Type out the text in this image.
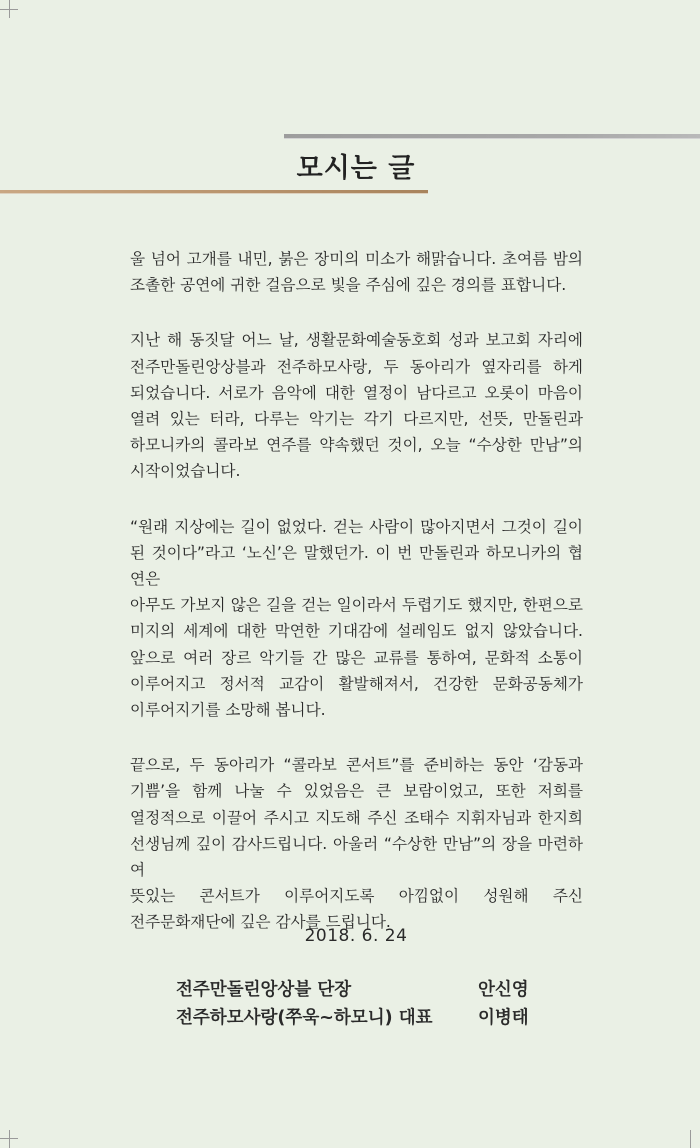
모시는 글

울 넘어 고개를 내민, 붉은 장미의 미소가 해맑습니다. 초여름 밤의
조촐한 공연에 귀한 걸음으로 빛을 주심에 깊은 경의를 표합니다.

지난 해 동짓달 어느 날, 생활문화예술동호회 성과 보고회 자리에
전주만돌린앙상블과 전주하모사랑, 두 동아리가 옆자리를 하게
되었습니다. 서로가 음악에 대한 열정이 남다르고 오롯이 마음이
열려 있는 터라, 다루는 악기는 각기 다르지만, 선뜻, 만돌린과
하모니카의 콜라보 연주를 약속했던 것이, 오늘 “수상한 만남”의
시작이었습니다.

“원래 지상에는 길이 없었다. 걷는 사람이 많아지면서 그것이 길이
된 것이다”라고 ‘노신’은 말했던가. 이 번 만돌린과 하모니카의 협연은
아무도 가보지 않은 길을 걷는 일이라서 두렵기도 했지만, 한편으로
미지의 세계에 대한 막연한 기대감에 설레임도 없지 않았습니다.
앞으로 여러 장르 악기들 간 많은 교류를 통하여, 문화적 소통이
이루어지고 정서적 교감이 활발해져서, 건강한 문화공동체가
이루어지기를 소망해 봅니다.

끝으로, 두 동아리가 “콜라보 콘서트”를 준비하는 동안 ‘감동과
기쁨’을 함께 나눌 수 있었음은 큰 보람이었고, 또한 저희를
열정적으로 이끌어 주시고 지도해 주신 조태수 지휘자님과 한지희
선생님께 깊이 감사드립니다. 아울러 “수상한 만남”의 장을 마련하여
뜻있는 콘서트가 이루어지도록 아낌없이 성원해 주신
전주문화재단에 깊은 감사를 드립니다.

2018. 6. 24
전주만돌린앙상블 단장	안신영
전주하모사랑(쭈욱~하모니) 대표	이병태
